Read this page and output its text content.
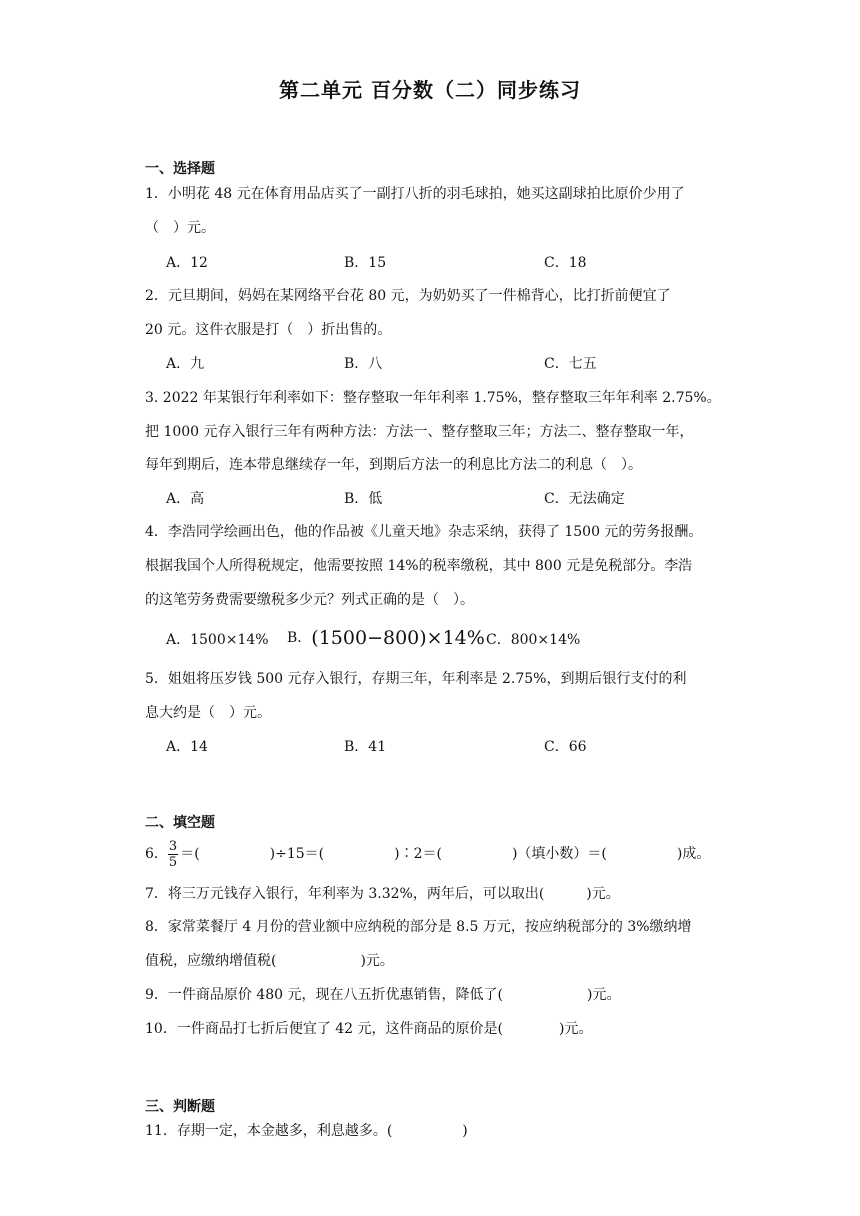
第二单元 百分数（二）同步练习
一、选择题
1．小明花 48 元在体育用品店买了一副打八折的羽毛球拍，她买这副球拍比原价少用了
（　）元。
A．12	B．15	C．18
2．元旦期间，妈妈在某网络平台花 80 元，为奶奶买了一件棉背心，比打折前便宜了
20 元。这件衣服是打（　）折出售的。
A．九	B．八	C．七五
3. 2022 年某银行年利率如下：整存整取一年年利率 1.75%，整存整取三年年利率 2.75%。
把 1000 元存入银行三年有两种方法：方法一、整存整取三年；方法二、整存整取一年，
每年到期后，连本带息继续存一年，到期后方法一的利息比方法二的利息（　）。
A．高	B．低	C．无法确定
4．李浩同学绘画出色，他的作品被《儿童天地》杂志采纳，获得了 1500 元的劳务报酬。
根据我国个人所得税规定，他需要按照 14%的税率缴税，其中 800 元是免税部分。李浩
的这笔劳务费需要缴税多少元？列式正确的是（　）。
A．1500×14% B．(1500−800)×14% C．800×14%
5．姐姐将压岁钱 500 元存入银行，存期三年，年利率是 2.75%，到期后银行支付的利
息大约是（　）元。
A．14	B．41	C．66
二、填空题
6． $\frac{3}{5}$ ＝(　　　　　)÷15＝(　　　　　)∶2＝(　　　　　)（填小数）＝(　　　　　)成。
7．将三万元钱存入银行，年利率为 3.32%，两年后，可以取出(　　　)元。
8．家常菜餐厅 4 月份的营业额中应纳税的部分是 8.5 万元，按应纳税部分的 3%缴纳增
值税，应缴纳增值税(　　　　　　)元。
9．一件商品原价 480 元，现在八五折优惠销售，降低了(　　　　　　)元。
10．一件商品打七折后便宜了 42 元，这件商品的原价是(　　　　)元。
三、判断题
11．存期一定，本金越多，利息越多。(　　　　　)
